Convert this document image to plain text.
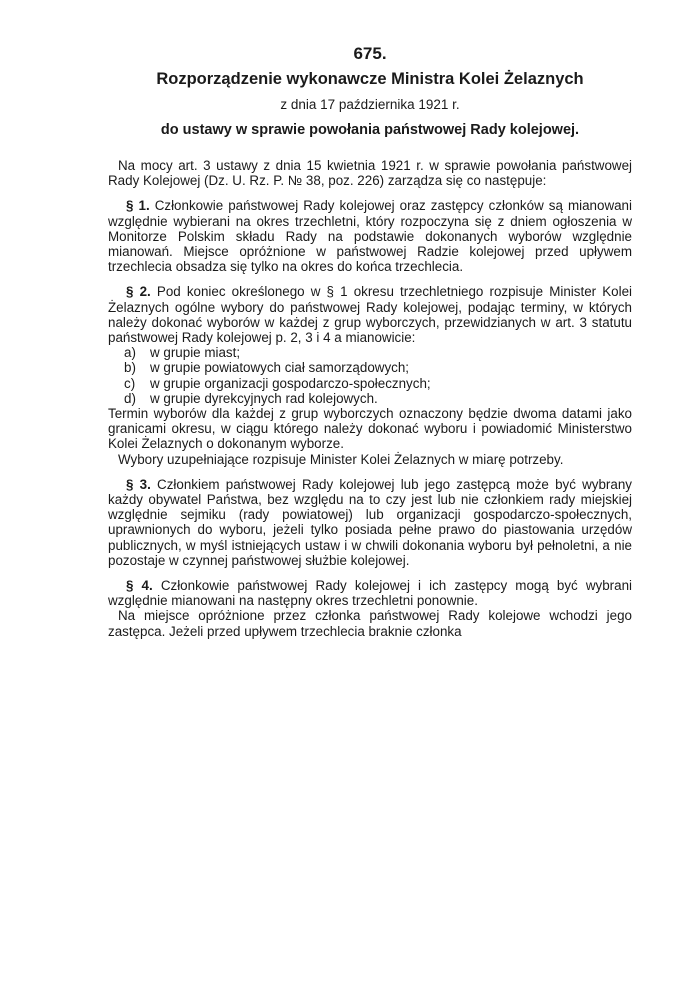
675.
Rozporządzenie wykonawcze Ministra Kolei Żelaznych
z dnia 17 października 1921 r.
do ustawy w sprawie powołania państwowej Rady kolejowej.

Na mocy art. 3 ustawy z dnia 15 kwietnia 1921 r. w sprawie powołania państwowej Rady Kolejowej (Dz. U. Rz. P. № 38, poz. 226) zarządza się co następuje:

§ 1. Członkowie państwowej Rady kolejowej oraz zastępcy członków są mianowani względnie wybierani na okres trzechletni, który rozpoczyna się z dniem ogłoszenia w Monitorze Polskim składu Rady na podstawie dokonanych wyborów względnie mianowań. Miejsce opróżnione w państwowej Radzie kolejowej przed upływem trzechlecia obsadza się tylko na okres do końca trzechlecia.

§ 2. Pod koniec określonego w § 1 okresu trzechletniego rozpisuje Minister Kolei Żelaznych ogólne wybory do państwowej Rady kolejowej, podając terminy, w których należy dokonać wyborów w każdej z grup wyborczych, przewidzianych w art. 3 statutu państwowej Rady kolejowej p. 2, 3 i 4 a mianowicie:

a) w grupie miast;
b) w grupie powiatowych ciał samorządowych;
c) w grupie organizacji gospodarczo-społecznych;
d) w grupie dyrekcyjnych rad kolejowych.

Termin wyborów dla każdej z grup wyborczych oznaczony będzie dwoma datami jako granicami okresu, w ciągu którego należy dokonać wyboru i powiadomić Ministerstwo Kolei Żelaznych o dokonanym wyborze.

Wybory uzupełniające rozpisuje Minister Kolei Żelaznych w miarę potrzeby.

§ 3. Członkiem państwowej Rady kolejowej lub jego zastępcą może być wybrany każdy obywatel Państwa, bez względu na to czy jest lub nie członkiem rady miejskiej względnie sejmiku (rady powiatowej) lub organizacji gospodarczo-społecznych, uprawnionych do wyboru, jeżeli tylko posiada pełne prawo do piastowania urzędów publicznych, w myśl istniejących ustaw i w chwili dokonania wyboru był pełnoletni, a nie pozostaje w czynnej państwowej służbie kolejowej.

§ 4. Członkowie państwowej Rady kolejowej i ich zastępcy mogą być wybrani względnie mianowani na następny okres trzechletni ponownie.

Na miejsce opróżnione przez członka państwowej Rady kolejowe wchodzi jego zastępca. Jeżeli przed upływem trzechlecia braknie członka
